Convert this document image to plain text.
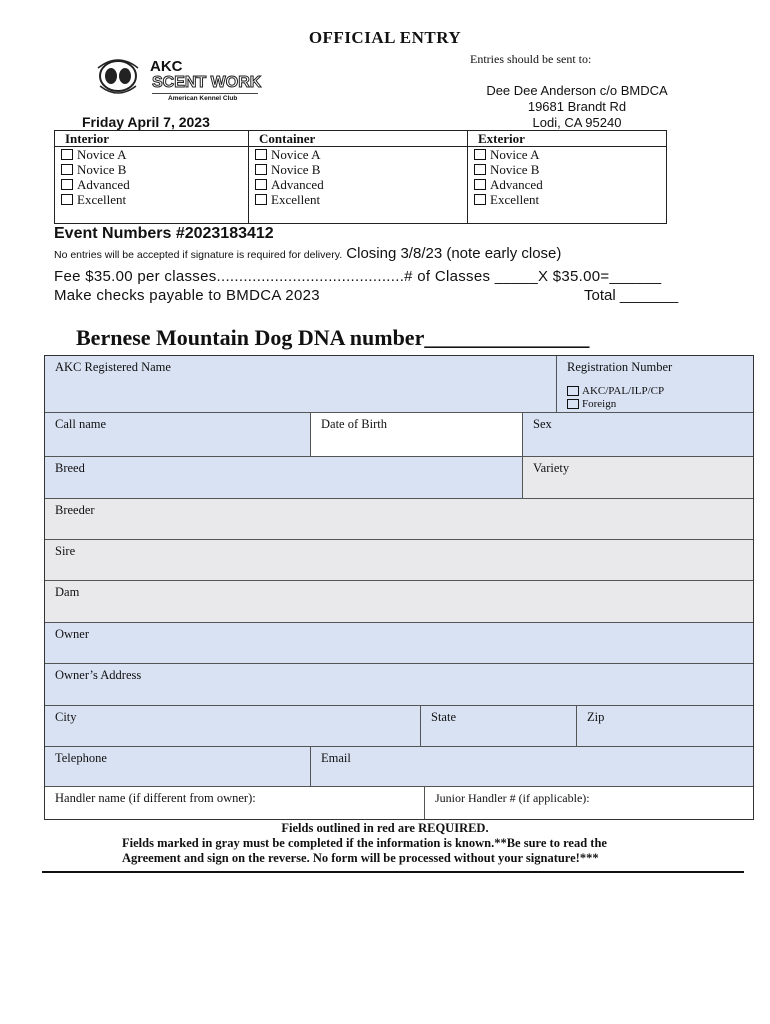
OFFICIAL ENTRY
Entries should be sent to:
Dee Dee Anderson c/o BMDCA
19681 Brandt Rd
Lodi, CA 95240
AKC
SCENT WORK
American Kennel Club
Friday April 7, 2023
Interior
Novice A
Novice B
Advanced
Excellent
Container
Novice A
Novice B
Advanced
Excellent
Exterior
Novice A
Novice B
Advanced
Excellent
Event Numbers #2023183412
No entries will be accepted if signature is required for delivery. Closing 3/8/23 (note early close)
Fee $35.00 per classes..........................................# of Classes _____X $35.00=______
Make checks payable to BMDCA 2023	Total _______
Bernese Mountain Dog DNA number_______________
AKC Registered Name	Registration Number
AKC/PAL/ILP/CP
Foreign
Call name	Date of Birth	Sex
Breed	Variety
Breeder
Sire
Dam
Owner
Owner’s Address
City	State	Zip
Telephone	Email
Handler name (if different from owner):	Junior Handler # (if applicable):
Fields outlined in red are REQUIRED.
Fields marked in gray must be completed if the information is known.**Be sure to read the
Agreement and sign on the reverse. No form will be processed without your signature!***
